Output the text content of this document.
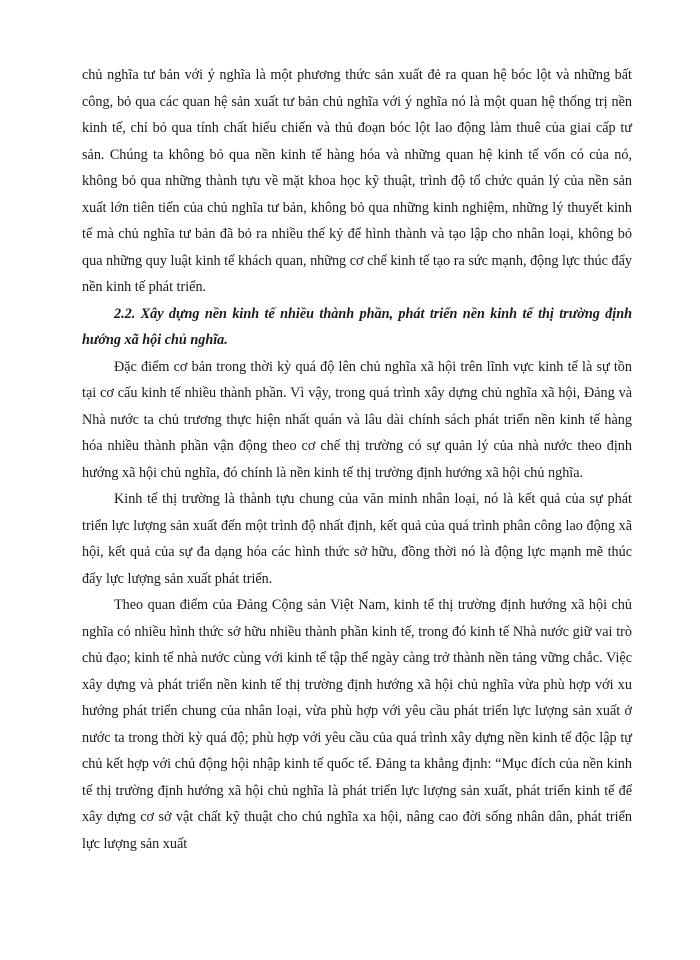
chủ nghĩa tư bản với ý nghĩa là một phương thức sản xuất đẻ ra quan hệ bóc lột và những bất công, bỏ qua các quan hệ sản xuất tư bản chủ nghĩa với ý nghĩa nó là một quan hệ thống trị nền kinh tế, chỉ bỏ qua tính chất hiếu chiến và thủ đoạn bóc lột lao động làm thuê của giai cấp tư sản. Chúng ta không bỏ qua nền kinh tế hàng hóa và những quan hệ kinh tế vốn có của nó, không bỏ qua những thành tựu về mặt khoa học kỹ thuật, trình độ tổ chức quản lý của nền sản xuất lớn tiên tiến của chủ nghĩa tư bản, không bỏ qua những kinh nghiệm, những lý thuyết kinh tế mà chủ nghĩa tư bản đã bỏ ra nhiều thế kỷ để hình thành và tạo lập cho nhân loại, không bỏ qua những quy luật kinh tế khách quan, những cơ chế kinh tế tạo ra sức mạnh, động lực thúc đẩy nền kinh tế phát triển.

2.2. Xây dựng nền kinh tế nhiều thành phần, phát triển nền kinh tế thị trường định hướng xã hội chủ nghĩa.

Đặc điểm cơ bản trong thời kỳ quá độ lên chủ nghĩa xã hội trên lĩnh vực kinh tế là sự tồn tại cơ cấu kinh tế nhiều thành phần. Vì vậy, trong quá trình xây dựng chủ nghĩa xã hội, Đảng và Nhà nước ta chủ trương thực hiện nhất quán và lâu dài chính sách phát triển nền kinh tế hàng hóa nhiều thành phần vận động theo cơ chế thị trường có sự quản lý của nhà nước theo định hướng xã hội chủ nghĩa, đó chính là nền kinh tế thị trường định hướng xã hội chủ nghĩa.

Kinh tế thị trường là thành tựu chung của văn minh nhân loại, nó là kết quả của sự phát triển lực lượng sản xuất đến một trình độ nhất định, kết quả của quá trình phân công lao động xã hội, kết quả của sự đa dạng hóa các hình thức sở hữu, đồng thời nó là động lực mạnh mẽ thúc đẩy lực lượng sản xuất phát triển.

Theo quan điểm của Đảng Cộng sản Việt Nam, kinh tế thị trường định hướng xã hội chủ nghĩa có nhiều hình thức sở hữu nhiều thành phần kinh tế, trong đó kinh tế Nhà nước giữ vai trò chủ đạo; kinh tế nhà nước cùng với kinh tế tập thể ngày càng trở thành nền tảng vững chắc. Việc xây dựng và phát triển nền kinh tế thị trường định hướng xã hội chủ nghĩa vừa phù hợp với xu hướng phát triển chung của nhân loại, vừa phù hợp với yêu cầu phát triển lực lượng sản xuất ở nước ta trong thời kỳ quá độ; phù hợp với yêu cầu của quá trình xây dựng nền kinh tế độc lập tự chủ kết hợp với chủ động hội nhập kinh tế quốc tế. Đảng ta khẳng định: “Mục đích của nền kinh tế thị trường định hướng xã hội chủ nghĩa là phát triển lực lượng sản xuất, phát triển kinh tế để xây dựng cơ sở vật chất kỹ thuật cho chủ nghĩa xa hội, nâng cao đời sống nhân dân, phát triển lực lượng sản xuất
